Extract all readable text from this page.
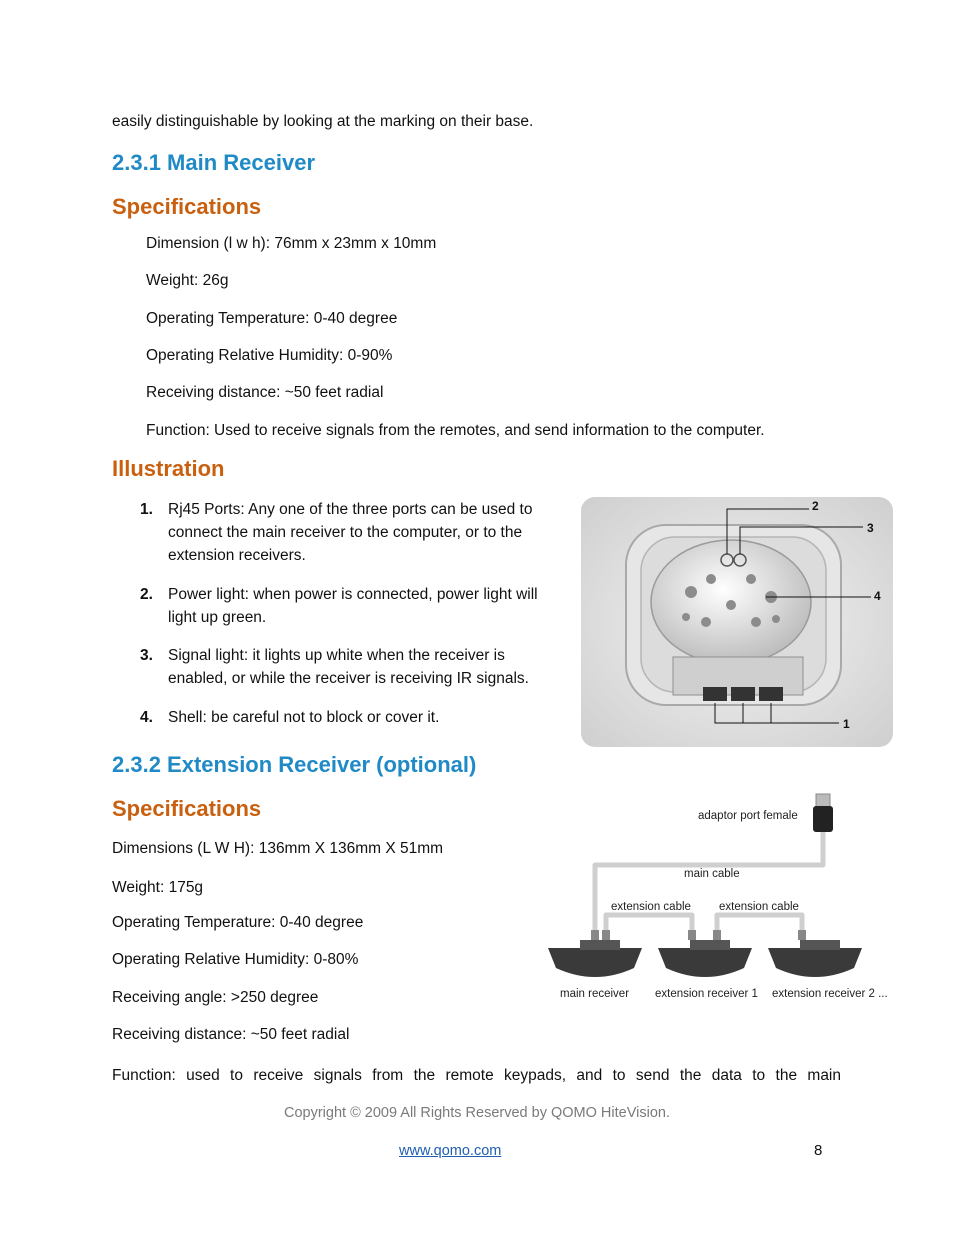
easily distinguishable by looking at the marking on their base.

2.3.1 Main Receiver
Specifications

Dimension (l w h): 76mm x 23mm x 10mm

Weight: 26g

Operating Temperature: 0-40 degree

Operating Relative Humidity: 0-90%

Receiving distance: ~50 feet radial

Function: Used to receive signals from the remotes, and send information to the computer.

Illustration
1. Rj45 Ports: Any one of the three ports can be used to connect the main receiver to the computer, or to the extension receivers.
2. Power light: when power is connected, power light will light up green.
3. Signal light: it lights up white when the receiver is enabled, or while the receiver is receiving IR signals.
4. Shell: be careful not to block or cover it.
2
3
4
1
2.3.2 Extension Receiver (optional)
Specifications

Dimensions (L W H): 136mm X 136mm X 51mm

Weight: 175g

Operating Temperature: 0-40 degree

Operating Relative Humidity: 0-80%

Receiving angle: >250 degree

Receiving distance: ~50 feet radial

adaptor port female
main cable
extension cable extension cable
main receiver extension receiver 1 extension receiver 2 ...

Function: used to receive signals from the remote keypads, and to send the data to the main

Copyright © 2009 All Rights Reserved by QOMO HiteVision.
www.qomo.com	8
